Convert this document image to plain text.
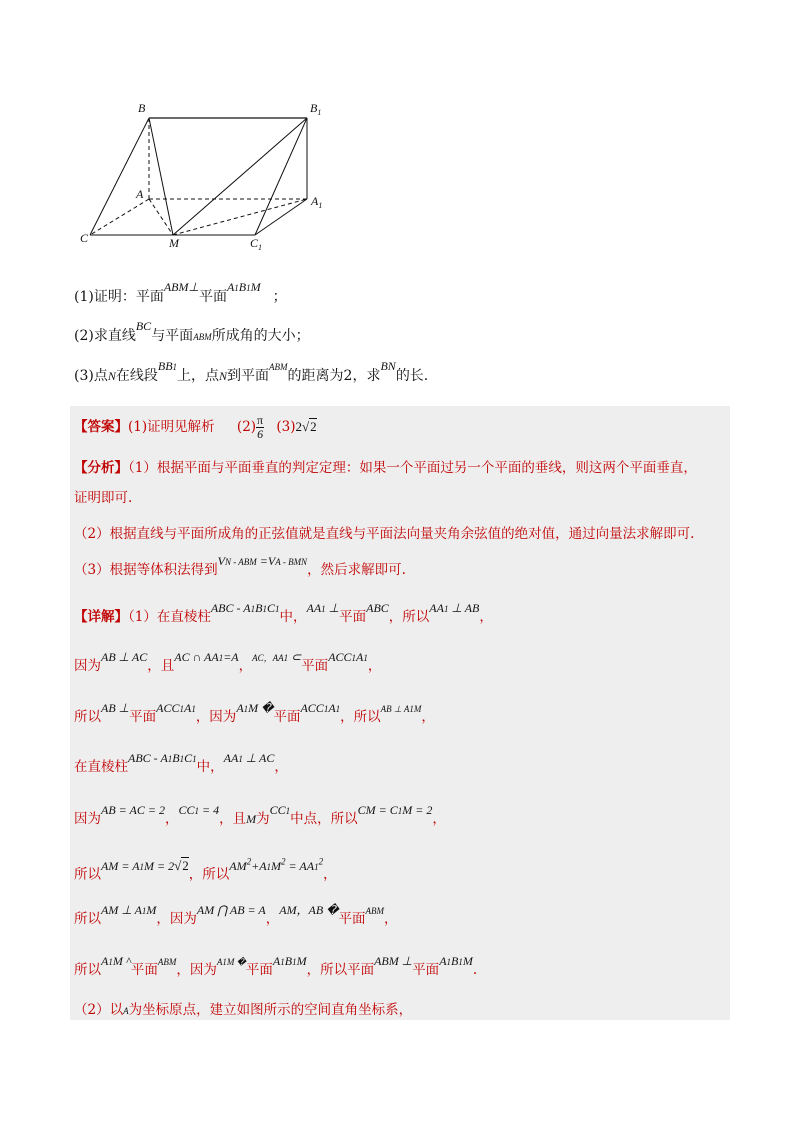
B	$B_1$
A	$A_1$
C	M	$C_1$
(1)证明：平面ABM⊥平面A1B1M；
(2)求直线BC与平面ABM所成角的大小；
(3)点N在线段BB1上，点N到平面$^{ABM}$的距离为2，求BN的长.
【答案】(1)证明见解析 $(2) \frac{\pi}{6} (3)2√2$
【分析】（1）根据平面与平面垂直的判定定理：如果一个平面过另一个平面的垂线，则这两个平面垂直，
证明即可.
（2）根据直线与平面所成角的正弦值就是直线与平面法向量夹角余弦值的绝对值，通过向量法求解即可.
（3）根据等体积法得到VN - ABM =VA - BMN，然后求解即可.
【详解】（1）在直棱柱ABC - A1B1C1中，AA1 ⊥平面ABC，所以AA1 ⊥ AB，
因为AB ⊥ AC，且AC ∩ AA1=A，AC，AA1 ⊂平面ACC1A1，
所以AB ⊥平面ACC1A1，因为A1M �平面ACC1A1，所以AB ⊥ A1M，
在直棱柱ABC - A1B1C1中，AA1 ⊥ AC，
因为AB = AC = 2，CC1 = 4，且M为CC1中点，所以CM = C1M = 2，
所以AM = A1M = 2√2，所以$AM^2+A1M^2 = AA1^2$，
所以AM ⊥ A1M，因为AM ⋂ AB = A，AM，AB �平面$^{ABM}$，
所以A1M ^平面$^{ABM}$，因为A1M �平面A1B1M，所以平面ABM ⊥平面A1B1M.
（2）以A为坐标原点，建立如图所示的空间直角坐标系，
